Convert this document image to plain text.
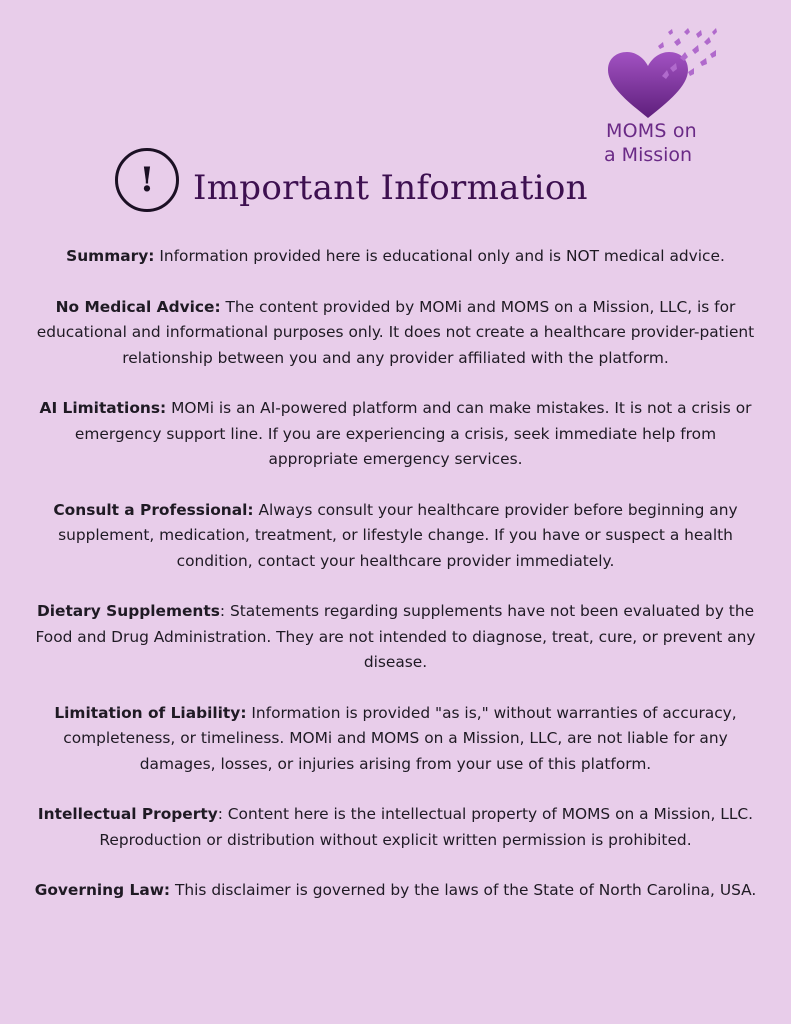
MOMS on
a Mission
!	Important Information

Summary: Information provided here is educational only and is NOT medical advice.

No Medical Advice: The content provided by MOMi and MOMS on a Mission, LLC, is for educational and informational purposes only. It does not create a healthcare provider-patient relationship between you and any provider affiliated with the platform.

AI Limitations: MOMi is an AI-powered platform and can make mistakes. It is not a crisis or emergency support line. If you are experiencing a crisis, seek immediate help from appropriate emergency services.

Consult a Professional: Always consult your healthcare provider before beginning any supplement, medication, treatment, or lifestyle change. If you have or suspect a health condition, contact your healthcare provider immediately.

Dietary Supplements: Statements regarding supplements have not been evaluated by the Food and Drug Administration. They are not intended to diagnose, treat, cure, or prevent any disease.

Limitation of Liability: Information is provided "as is," without warranties of accuracy, completeness, or timeliness. MOMi and MOMS on a Mission, LLC, are not liable for any damages, losses, or injuries arising from your use of this platform.

Intellectual Property: Content here is the intellectual property of MOMS on a Mission, LLC. Reproduction or distribution without explicit written permission is prohibited.

Governing Law: This disclaimer is governed by the laws of the State of North Carolina, USA.
